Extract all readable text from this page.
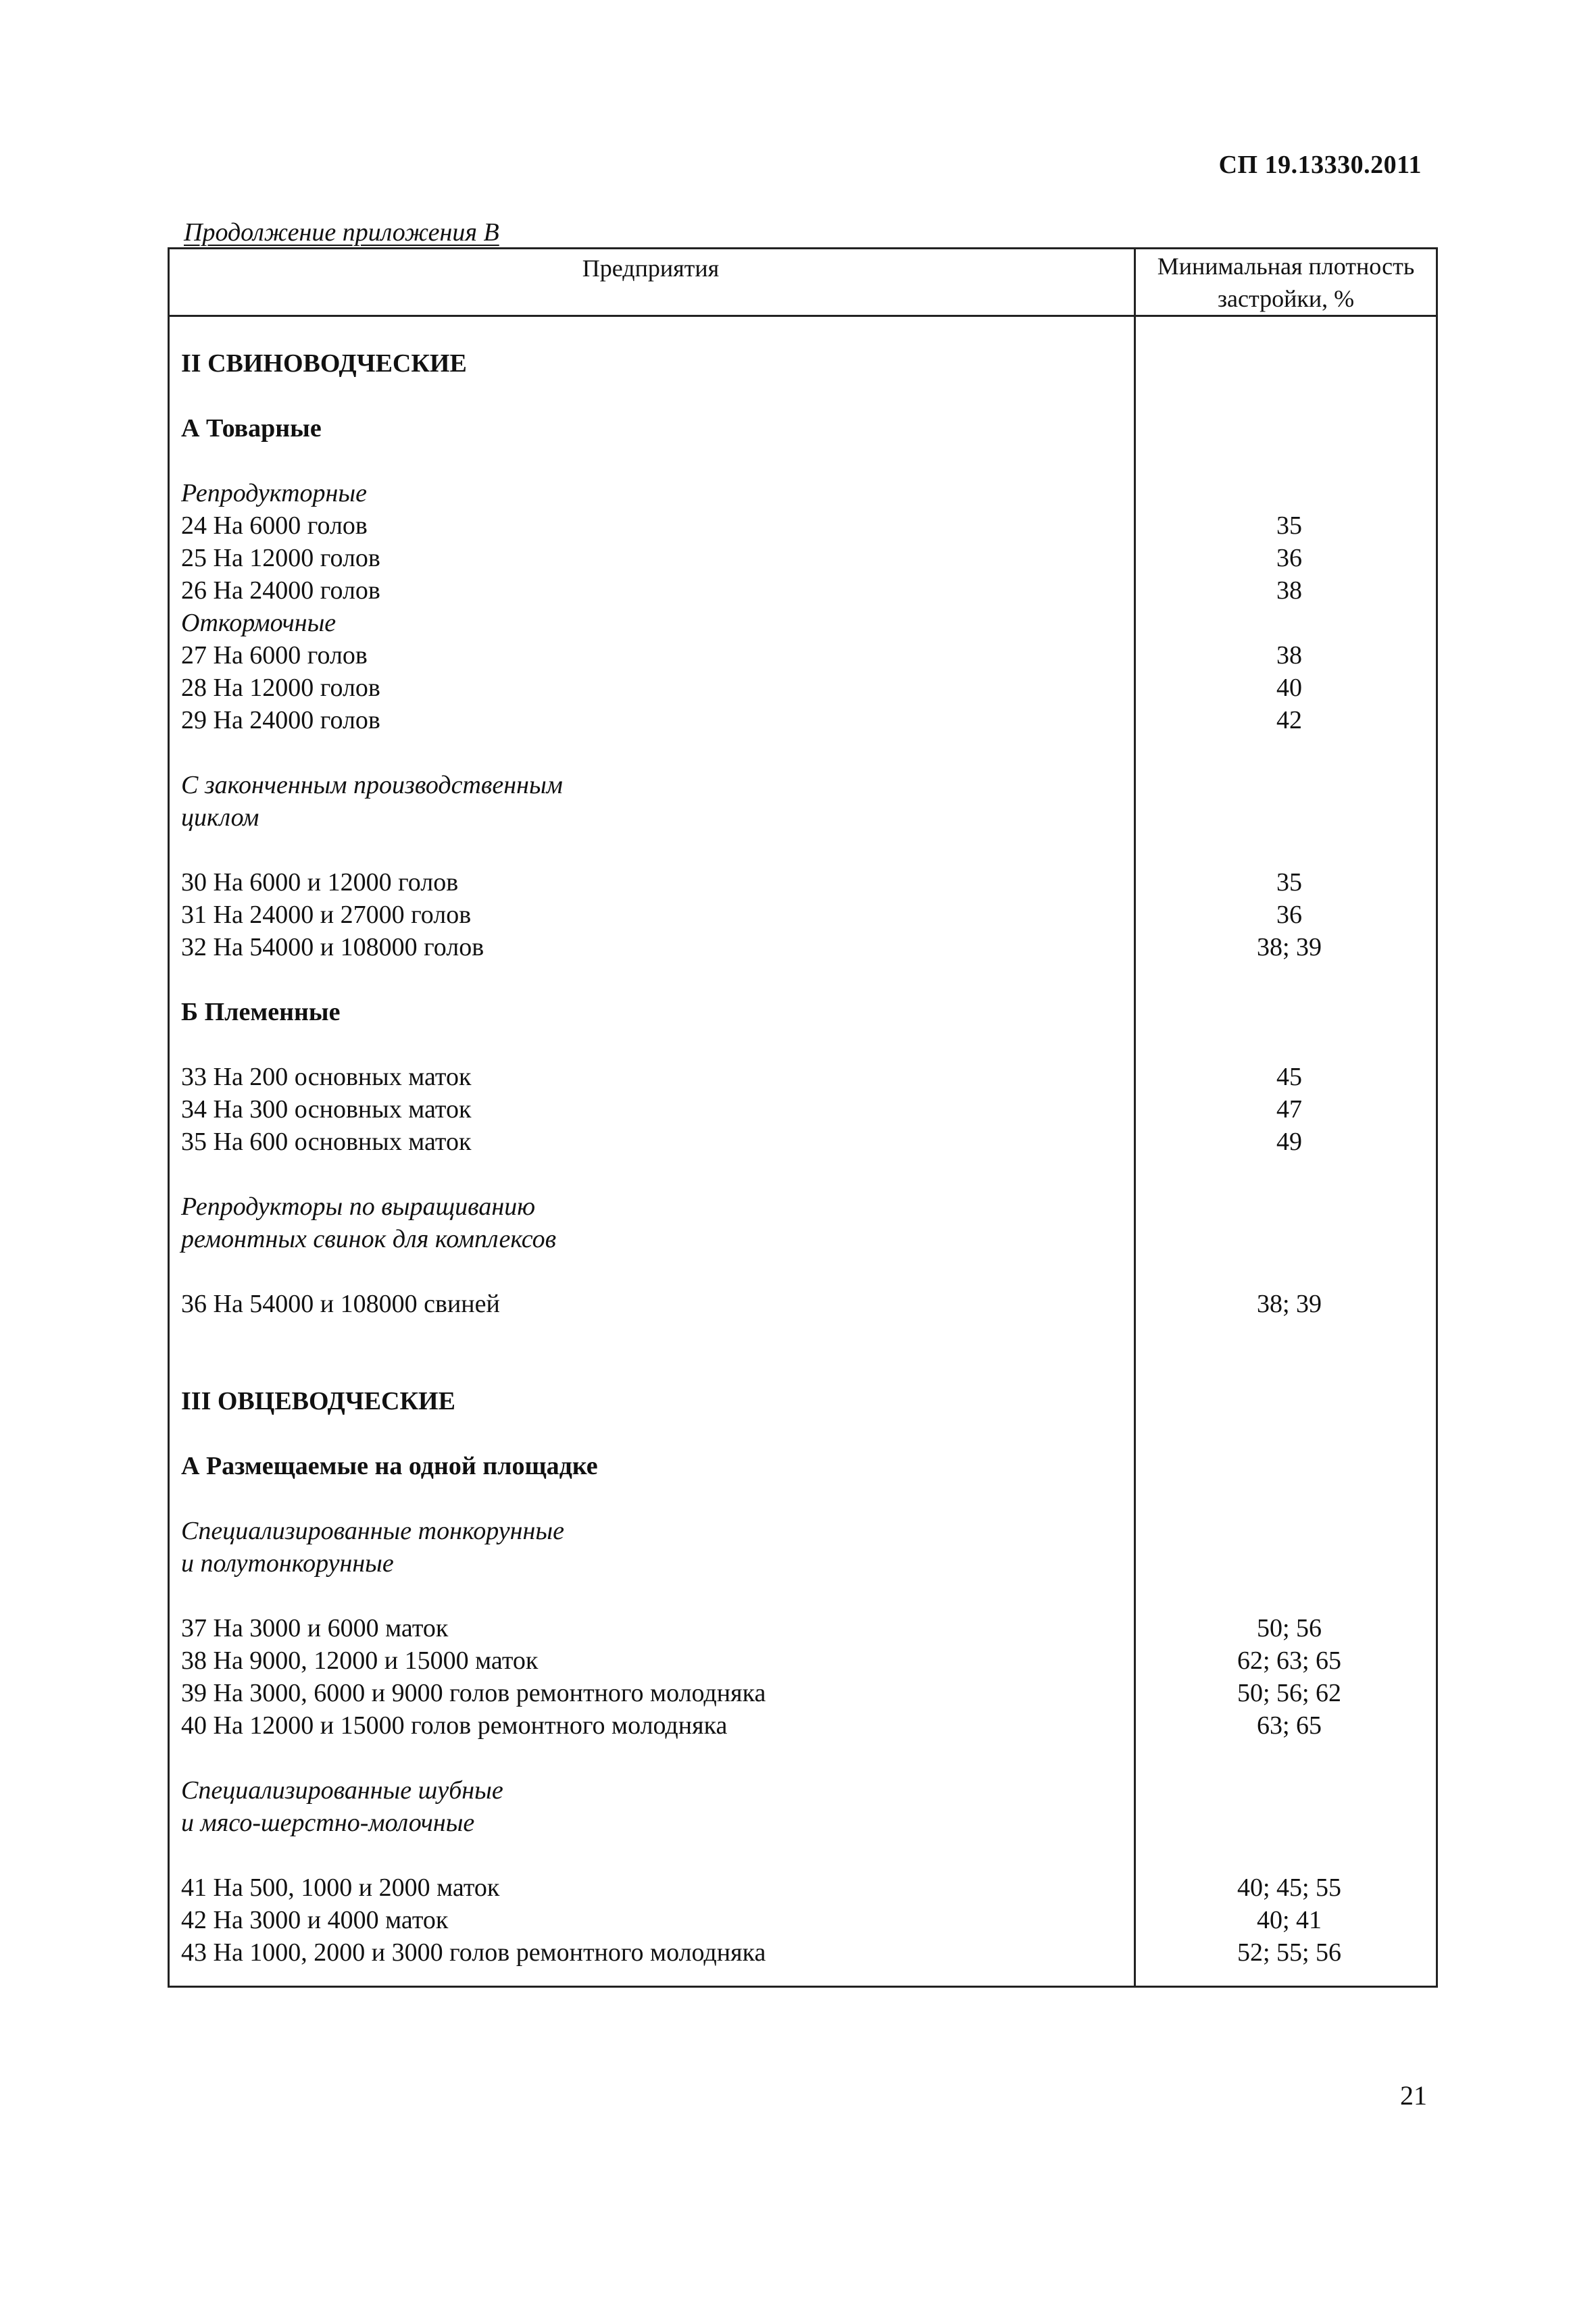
СП 19.13330.2011
Продолжение приложения В
Предприятия	Минимальная плотность застройки, %
II СВИНОВОДЧЕСКИЕ
А Товарные
Репродукторные
24 На 6000 голов	35
25 На 12000 голов	36
26 На 24000 голов	38
Откормочные
27 На 6000 голов	38
28 На 12000 голов	40
29 На 24000 голов	42
С законченным производственным
циклом
30 На 6000 и 12000 голов	35
31 На 24000 и 27000 голов	36
32 На 54000 и 108000 голов	38; 39
Б Племенные
33 На 200 основных маток	45
34 На 300 основных маток	47
35 На 600 основных маток	49
Репродукторы по выращиванию
ремонтных свинок для комплексов
36 На 54000 и 108000 свиней	38; 39
III ОВЦЕВОДЧЕСКИЕ
А Размещаемые на одной площадке
Специализированные тонкорунные
и полутонкорунные
37 На 3000 и 6000 маток	50; 56
38 На 9000, 12000 и 15000 маток	62; 63; 65
39 На 3000, 6000 и 9000 голов ремонтного молодняка	50; 56; 62
40 На 12000 и 15000 голов ремонтного молодняка	63; 65
Специализированные шубные
и мясо-шерстно-молочные
41 На 500, 1000 и 2000 маток	40; 45; 55
42 На 3000 и 4000 маток	40; 41
43 На 1000, 2000 и 3000 голов ремонтного молодняка	52; 55; 56
21
